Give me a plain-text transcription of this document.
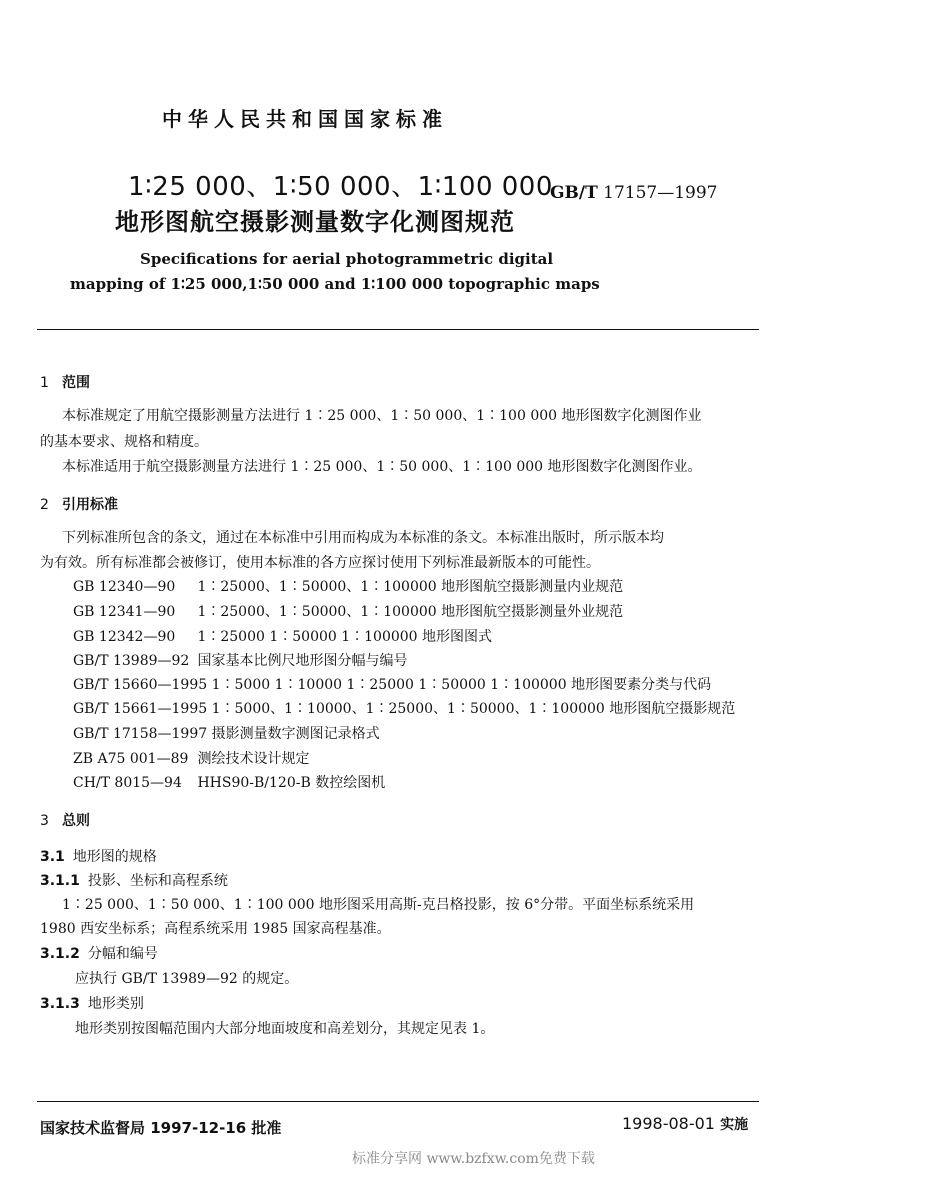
中华人民共和国国家标准
1∶25 000、1∶50 000、1∶100 000
GB/T 17157—1997
地形图航空摄影测量数字化测图规范
Specifications for aerial photogrammetric digital
mapping of 1∶25 000,1∶50 000 and 1∶100 000 topographic maps
1 范围
本标准规定了用航空摄影测量方法进行 1∶25 000、1∶50 000、1∶100 000 地形图数字化测图作业
的基本要求、规格和精度。
本标准适用于航空摄影测量方法进行 1∶25 000、1∶50 000、1∶100 000 地形图数字化测图作业。
2 引用标准
下列标准所包含的条文，通过在本标准中引用而构成为本标准的条文。本标准出版时，所示版本均
为有效。所有标准都会被修订，使用本标准的各方应探讨使用下列标准最新版本的可能性。
GB 12340—90 1∶25000、1∶50000、1∶100000 地形图航空摄影测量内业规范
GB 12341—90 1∶25000、1∶50000、1∶100000 地形图航空摄影测量外业规范
GB 12342—90 1∶25000 1∶50000 1∶100000 地形图图式
GB/T 13989—92 国家基本比例尺地形图分幅与编号
GB/T 15660—1995 1∶5000 1∶10000 1∶25000 1∶50000 1∶100000 地形图要素分类与代码
GB/T 15661—1995 1∶5000、1∶10000、1∶25000、1∶50000、1∶100000 地形图航空摄影规范
GB/T 17158—1997 摄影测量数字测图记录格式
ZB A75 001—89 测绘技术设计规定
CH/T 8015—94 HHS90-B/120-B 数控绘图机
3 总则
3.1 地形图的规格
3.1.1 投影、坐标和高程系统
1∶25 000、1∶50 000、1∶100 000 地形图采用高斯-克吕格投影，按 6°分带。平面坐标系统采用
1980 西安坐标系；高程系统采用 1985 国家高程基准。
3.1.2 分幅和编号
应执行 GB/T 13989—92 的规定。
3.1.3 地形类别
地形类别按图幅范围内大部分地面坡度和高差划分，其规定见表 1。
国家技术监督局 1997-12-16 批准	1998-08-01 实施
标准分享网 www.bzfxw.com免费下载
